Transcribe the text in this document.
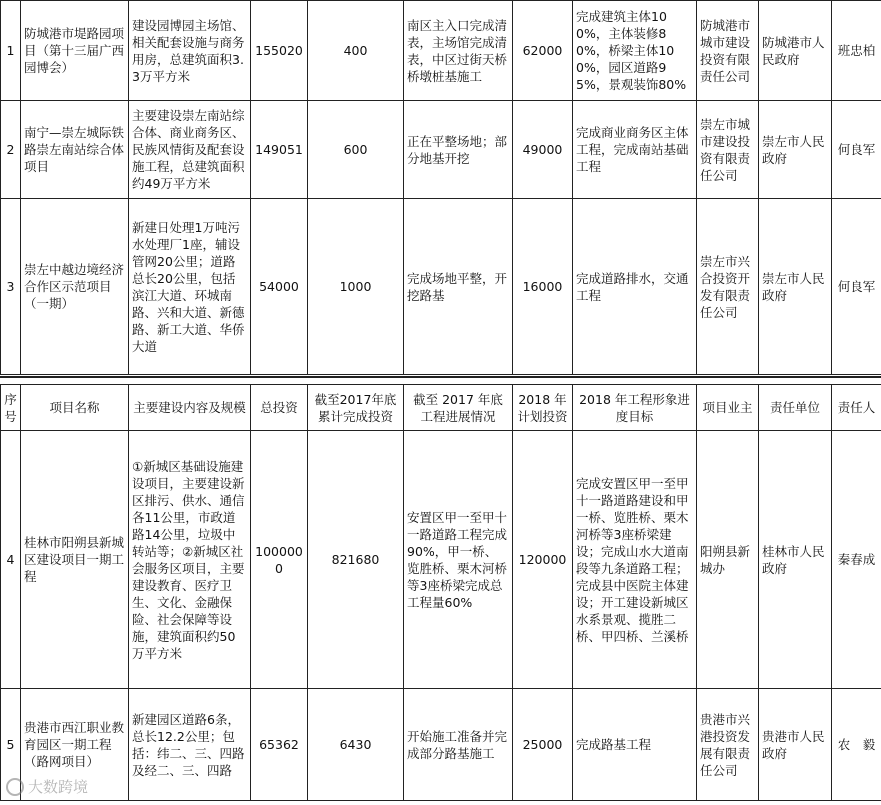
1	防城港市堤路园项目（第十三届广西园博会）	建设园博园主场馆、相关配套设施与商务用房，总建筑面积3.3万平方米	155020	400	南区主入口完成清表，主场馆完成清表，中区过街天桥桥墩桩基施工	62000	完成建筑主体100%，主体装修80%，桥梁主体100%，园区道路95%，景观装饰80%	防城港市城市建设投资有限责任公司	防城港市人民政府	班忠柏
2	南宁—崇左城际铁路崇左南站综合体项目	主要建设崇左南站综合体、商业商务区、民族风情街及配套设施工程，总建筑面积约49万平方米	149051	600	正在平整场地；部分地基开挖	49000	完成商业商务区主体工程，完成南站基础工程	崇左市城市建设投资有限责任公司	崇左市人民政府	何良军
3	崇左中越边境经济合作区示范项目（一期）	新建日处理1万吨污水处理厂1座，辅设管网20公里；道路总长20公里，包括滨江大道、环城南路、兴和大道、新德路、新工大道、华侨大道	54000	1000	完成场地平整，开挖路基	16000	完成道路排水，交通工程	崇左市兴合投资开发有限责任公司	崇左市人民政府	何良军
序号	项目名称	主要建设内容及规模	总投资	截至2017年底累计完成投资	截至 2017 年底工程进展情况	2018 年计划投资	2018 年工程形象进度目标	项目业主	责任单位	责任人
4	桂林市阳朔县新城区建设项目一期工程	①新城区基础设施建设项目，主要建设新区排污、供水、通信各11公里，市政道路14公里，垃圾中转站等；②新城区社会服务区项目，主要建设教育、医疗卫生、文化、金融保险、社会保障等设施，建筑面积约50万平方米	1000000	821680	安置区甲一至甲十一路道路工程完成90%，甲一桥、览胜桥、栗木河桥等3座桥梁完成总工程量60%	120000	完成安置区甲一至甲十一路道路建设和甲一桥、览胜桥、栗木河桥等3座桥梁建设；完成山水大道南段等九条道路工程；完成县中医院主体建设；开工建设新城区水系景观、揽胜二桥、甲四桥、兰溪桥	阳朔县新城办	桂林市人民政府	秦春成
5	贵港市西江职业教育园区一期工程（路网项目）	新建园区道路6条，总长12.2公里；包括：纬二、三、四路及经二、三、四路	65362	6430	开始施工准备并完成部分路基施工	25000	完成路基工程	贵港市兴港投资发展有限责任公司	贵港市人民政府	农　毅
大数跨境
